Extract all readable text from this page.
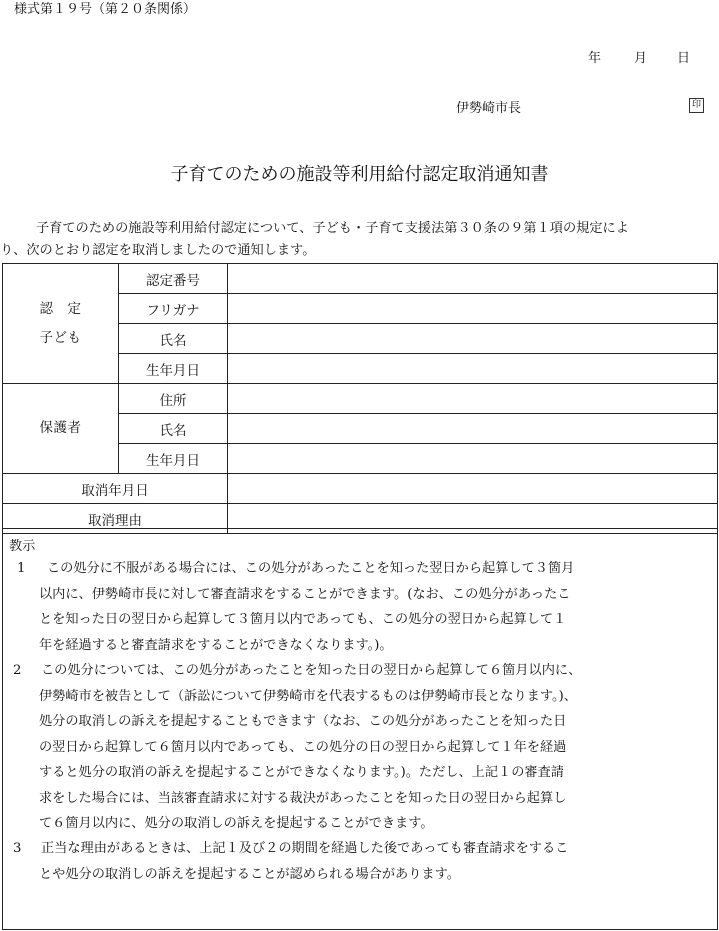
様式第１９号（第２０条関係）
年	月 日
伊勢崎市長	印
子育てのための施設等利用給付認定取消通知書
子育てのための施設等利用給付認定について、子ども・子育て支援法第３０条の９第１項の規定によ
り、次のとおり認定を取消しましたので通知します。
認　定
子ども	認定番号	
	フリガナ	
	氏名	
	生年月日	
保護者	住所	
	氏名	
	生年月日	
取消年月日		
取消理由		
教示
1	この処分に不服がある場合には、この処分があったことを知った翌日から起算して３箇月
以内に、伊勢崎市長に対して審査請求をすることができます。(なお、この処分があったこ
とを知った日の翌日から起算して３箇月以内であっても、この処分の翌日から起算して１
年を経過すると審査請求をすることができなくなります。)。
2	この処分については、この処分があったことを知った日の翌日から起算して６箇月以内に、
伊勢崎市を被告として（訴訟について伊勢崎市を代表するものは伊勢崎市長となります。)、
処分の取消しの訴えを提起することもできます（なお、この処分があったことを知った日
の翌日から起算して６箇月以内であっても、この処分の日の翌日から起算して１年を経過
すると処分の取消の訴えを提起することができなくなります。)。ただし、上記１の審査請
求をした場合には、当該審査請求に対する裁決があったことを知った日の翌日から起算し
て６箇月以内に、処分の取消しの訴えを提起することができます。
3	正当な理由があるときは、上記１及び２の期間を経過した後であっても審査請求をするこ
とや処分の取消しの訴えを提起することが認められる場合があります。
